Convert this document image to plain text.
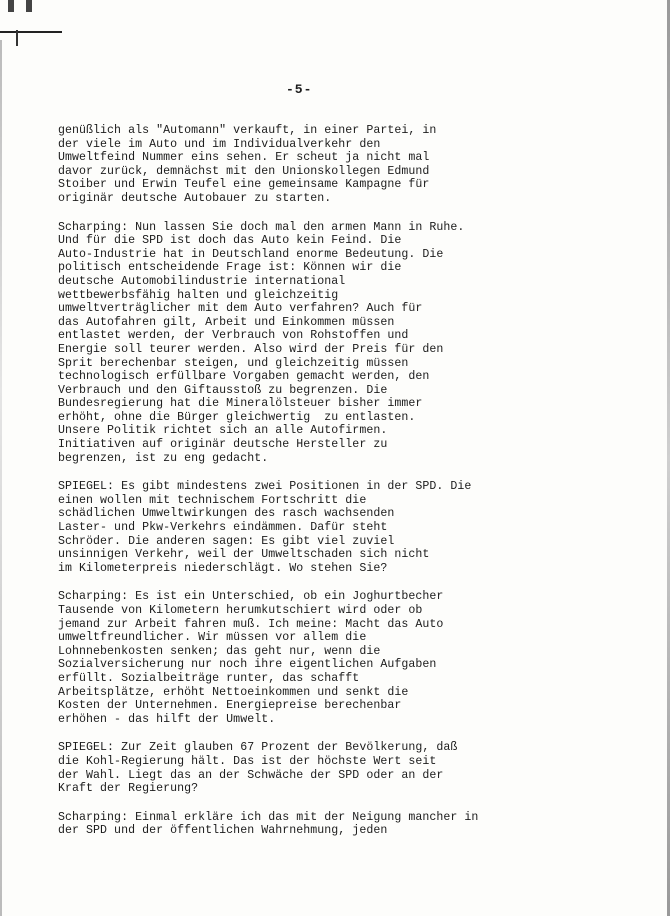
-5-
genüßlich als "Automann" verkauft, in einer Partei, in
der viele im Auto und im Individualverkehr den
Umweltfeind Nummer eins sehen. Er scheut ja nicht mal
davor zurück, demnächst mit den Unionskollegen Edmund
Stoiber und Erwin Teufel eine gemeinsame Kampagne für
originär deutsche Autobauer zu starten.
Scharping: Nun lassen Sie doch mal den armen Mann in Ruhe.
Und für die SPD ist doch das Auto kein Feind. Die
Auto-Industrie hat in Deutschland enorme Bedeutung. Die
politisch entscheidende Frage ist: Können wir die
deutsche Automobilindustrie international
wettbewerbsfähig halten und gleichzeitig
umweltverträglicher mit dem Auto verfahren? Auch für
das Autofahren gilt, Arbeit und Einkommen müssen
entlastet werden, der Verbrauch von Rohstoffen und
Energie soll teurer werden. Also wird der Preis für den
Sprit berechenbar steigen, und gleichzeitig müssen
technologisch erfüllbare Vorgaben gemacht werden, den
Verbrauch und den Giftausstoß zu begrenzen. Die
Bundesregierung hat die Mineralölsteuer bisher immer
erhöht, ohne die Bürger gleichwertig  zu entlasten.
Unsere Politik richtet sich an alle Autofirmen.
Initiativen auf originär deutsche Hersteller zu
begrenzen, ist zu eng gedacht.
SPIEGEL: Es gibt mindestens zwei Positionen in der SPD. Die
einen wollen mit technischem Fortschritt die
schädlichen Umweltwirkungen des rasch wachsenden
Laster- und Pkw-Verkehrs eindämmen. Dafür steht
Schröder. Die anderen sagen: Es gibt viel zuviel
unsinnigen Verkehr, weil der Umweltschaden sich nicht
im Kilometerpreis niederschlägt. Wo stehen Sie?
Scharping: Es ist ein Unterschied, ob ein Joghurtbecher
Tausende von Kilometern herumkutschiert wird oder ob
jemand zur Arbeit fahren muß. Ich meine: Macht das Auto
umweltfreundlicher. Wir müssen vor allem die
Lohnnebenkosten senken; das geht nur, wenn die
Sozialversicherung nur noch ihre eigentlichen Aufgaben
erfüllt. Sozialbeiträge runter, das schafft
Arbeitsplätze, erhöht Nettoeinkommen und senkt die
Kosten der Unternehmen. Energiepreise berechenbar
erhöhen - das hilft der Umwelt.
SPIEGEL: Zur Zeit glauben 67 Prozent der Bevölkerung, daß
die Kohl-Regierung hält. Das ist der höchste Wert seit
der Wahl. Liegt das an der Schwäche der SPD oder an der
Kraft der Regierung?
Scharping: Einmal erkläre ich das mit der Neigung mancher in
der SPD und der öffentlichen Wahrnehmung, jeden
